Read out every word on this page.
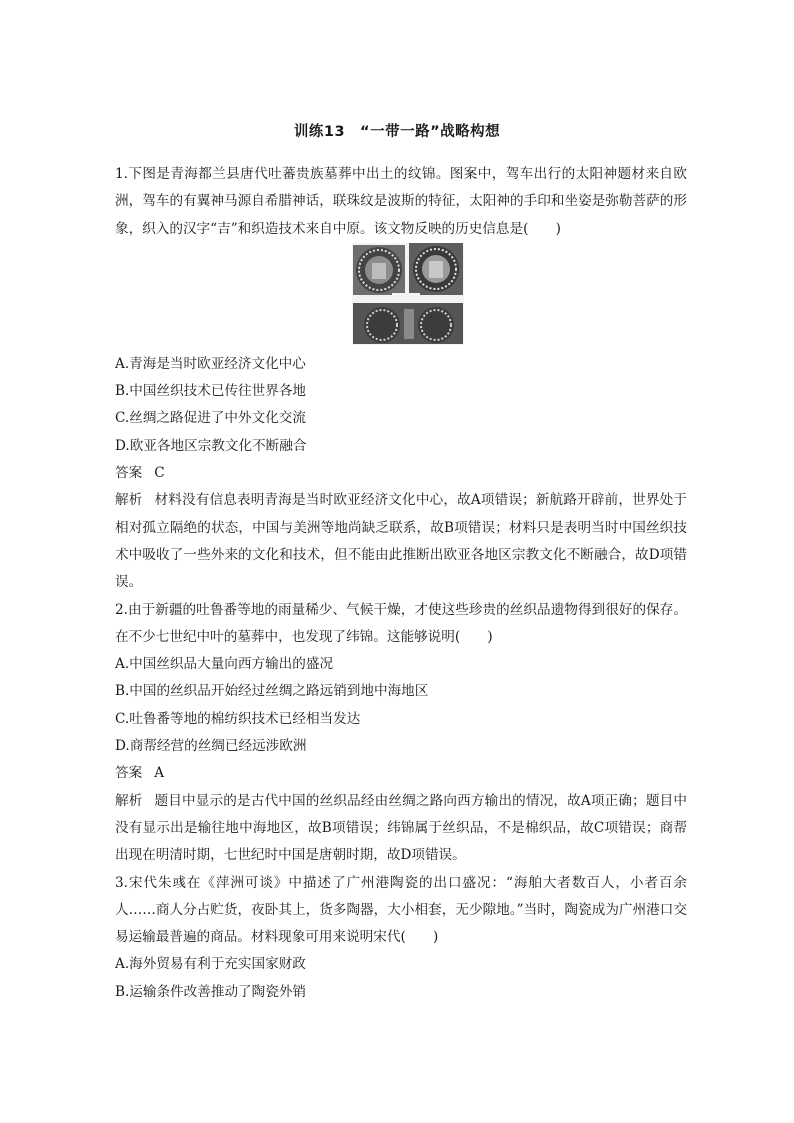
训练13　“一带一路”战略构想

1.下图是青海都兰县唐代吐蕃贵族墓葬中出土的纹锦。图案中，驾车出行的太阳神题材来自欧洲，驾车的有翼神马源自希腊神话，联珠纹是波斯的特征，太阳神的手印和坐姿是弥勒菩萨的形象，织入的汉字“吉”和织造技术来自中原。该文物反映的历史信息是(　　)

A.青海是当时欧亚经济文化中心

B.中国丝织技术已传往世界各地

C.丝绸之路促进了中外文化交流

D.欧亚各地区宗教文化不断融合

答案 C

解析 材料没有信息表明青海是当时欧亚经济文化中心，故A项错误；新航路开辟前，世界处于相对孤立隔绝的状态，中国与美洲等地尚缺乏联系，故B项错误；材料只是表明当时中国丝织技术中吸收了一些外来的文化和技术，但不能由此推断出欧亚各地区宗教文化不断融合，故D项错误。

2.由于新疆的吐鲁番等地的雨量稀少、气候干燥，才使这些珍贵的丝织品遗物得到很好的保存。在不少七世纪中叶的墓葬中，也发现了纬锦。这能够说明(　　)

A.中国丝织品大量向西方输出的盛况

B.中国的丝织品开始经过丝绸之路远销到地中海地区

C.吐鲁番等地的棉纺织技术已经相当发达

D.商帮经营的丝绸已经远涉欧洲

答案 A

解析 题目中显示的是古代中国的丝织品经由丝绸之路向西方输出的情况，故A项正确；题目中没有显示出是输往地中海地区，故B项错误；纬锦属于丝织品，不是棉织品，故C项错误；商帮出现在明清时期，七世纪时中国是唐朝时期，故D项错误。

3.宋代朱彧在《萍洲可谈》中描述了广州港陶瓷的出口盛况：“海舶大者数百人，小者百余人……商人分占贮货，夜卧其上，货多陶器，大小相套，无少隙地。”当时，陶瓷成为广州港口交易运输最普遍的商品。材料现象可用来说明宋代(　　)

A.海外贸易有利于充实国家财政

B.运输条件改善推动了陶瓷外销
